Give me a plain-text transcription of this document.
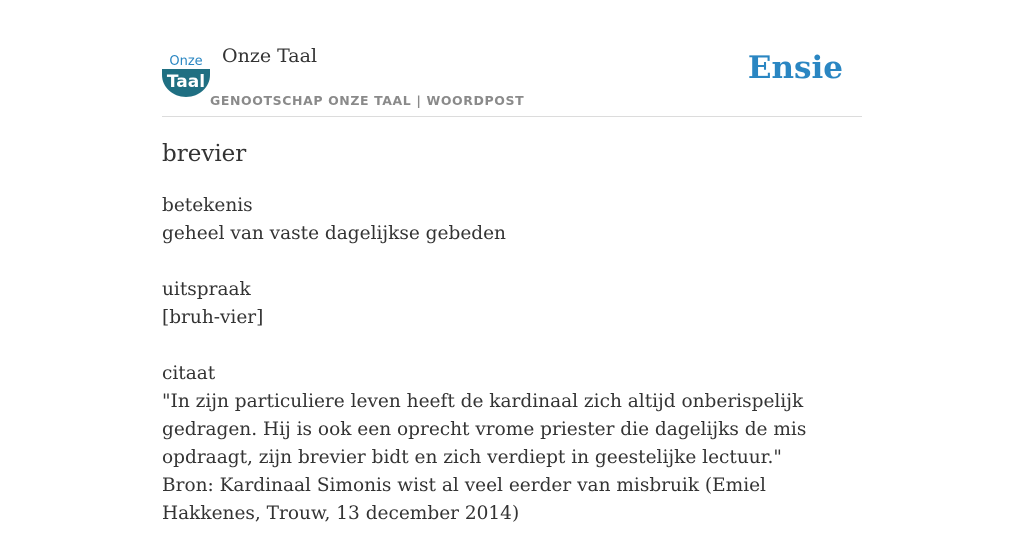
Onze
Taal
Onze Taal
GENOOTSCHAP ONZE TAAL | WOORDPOST
Ensie
brevier
betekenis
geheel van vaste dagelijkse gebeden
uitspraak
[bruh-vier]
citaat
"In zijn particuliere leven heeft de kardinaal zich altijd onberispelijk gedragen. Hij is ook een oprecht vrome priester die dagelijks de mis opdraagt, zijn brevier bidt en zich verdiept in geestelijke lectuur."
Bron: Kardinaal Simonis wist al veel eerder van misbruik (Emiel Hakkenes, Trouw, 13 december 2014)
